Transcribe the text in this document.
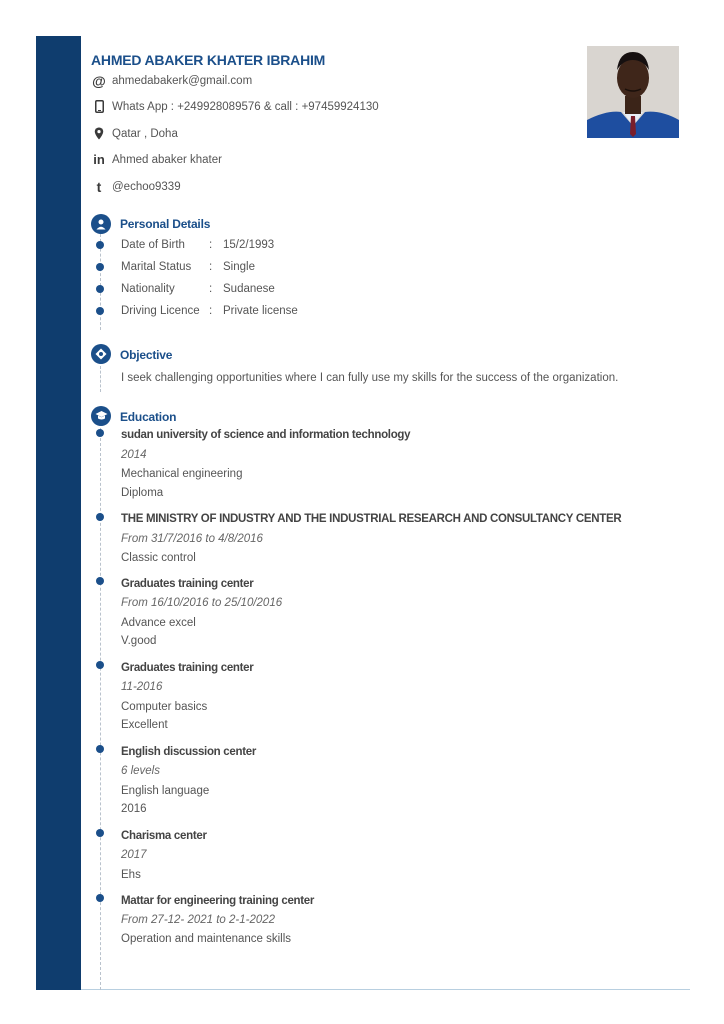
AHMED ABAKER KHATER IBRAHIM
@ ahmedabakerk@gmail.com
Whats App : +249928089576 & call : +97459924130
Qatar , Doha
in Ahmed abaker khater
t @echoo9339
Personal Details
Date of Birth : 15/2/1993
Marital Status : Single
Nationality	: Sudanese
Driving Licence : Private license
Objective
I seek challenging opportunities where I can fully use my skills for the success of the organization.
Education
sudan university of science and information technology
2014
Mechanical engineering
Diploma
THE MINISTRY OF INDUSTRY AND THE INDUSTRIAL RESEARCH AND CONSULTANCY CENTER
From 31/7/2016 to 4/8/2016
Classic control
Graduates training center
From 16/10/2016 to 25/10/2016
Advance excel
V.good
Graduates training center
11-2016
Computer basics
Excellent
English discussion center
6 levels
English language
2016
Charisma center
2017
Ehs
Mattar for engineering training center
From 27-12- 2021 to 2-1-2022
Operation and maintenance skills
